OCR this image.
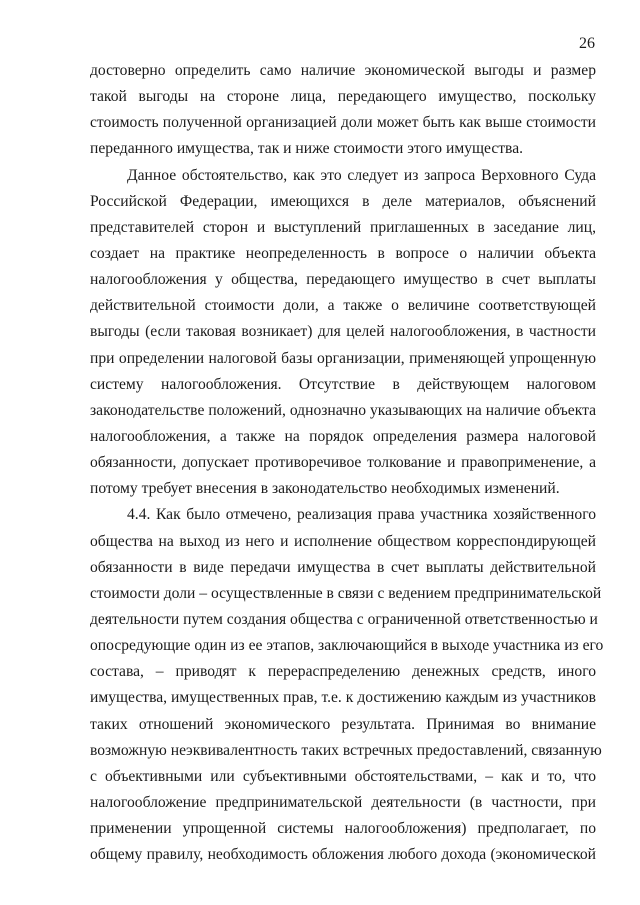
26
достоверно определить само наличие экономической выгоды и размер
такой выгоды на стороне лица, передающего имущество, поскольку
стоимость полученной организацией доли может быть как выше стоимости
переданного имущества, так и ниже стоимости этого имущества.
Данное обстоятельство, как это следует из запроса Верховного Суда
Российской Федерации, имеющихся в деле материалов, объяснений
представителей сторон и выступлений приглашенных в заседание лиц,
создает на практике неопределенность в вопросе о наличии объекта
налогообложения у общества, передающего имущество в счет выплаты
действительной стоимости доли, а также о величине соответствующей
выгоды (если таковая возникает) для целей налогообложения, в частности
при определении налоговой базы организации, применяющей упрощенную
систему налогообложения. Отсутствие в действующем налоговом
законодательстве положений, однозначно указывающих на наличие объекта
налогообложения, а также на порядок определения размера налоговой
обязанности, допускает противоречивое толкование и правоприменение, а
потому требует внесения в законодательство необходимых изменений.
4.4. Как было отмечено, реализация права участника хозяйственного
общества на выход из него и исполнение обществом корреспондирующей
обязанности в виде передачи имущества в счет выплаты действительной
стоимости доли – осуществленные в связи с ведением предпринимательской
деятельности путем создания общества с ограниченной ответственностью и
опосредующие один из ее этапов, заключающийся в выходе участника из его
состава, – приводят к перераспределению денежных средств, иного
имущества, имущественных прав, т.е. к достижению каждым из участников
таких отношений экономического результата. Принимая во внимание
возможную неэквивалентность таких встречных предоставлений, связанную
с объективными или субъективными обстоятельствами, – как и то, что
налогообложение предпринимательской деятельности (в частности, при
применении упрощенной системы налогообложения) предполагает, по
общему правилу, необходимость обложения любого дохода (экономической
